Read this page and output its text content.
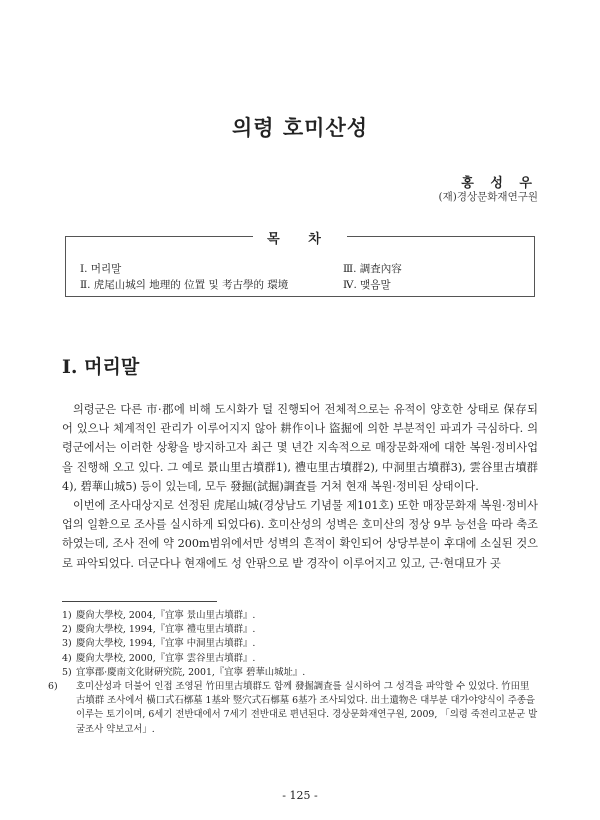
의령 호미산성
홍 성 우
(재)경상문화재연구원
목 차
Ⅰ. 머리말	Ⅲ. 調査內容
Ⅱ. 虎尾山城의 地理的 位置 및 考古學的 環境	Ⅳ. 맺음말
Ⅰ. 머리말

의령군은 다른 市·郡에 비해 도시화가 덜 진행되어 전체적으로는 유적이 양호한 상태로 保存되어 있으나 체계적인 관리가 이루어지지 않아 耕作이나 盜掘에 의한 부분적인 파괴가 극심하다. 의령군에서는 이러한 상황을 방지하고자 최근 몇 년간 지속적으로 매장문화재에 대한 복원·정비사업을 진행해 오고 있다. 그 예로 景山里古墳群1), 禮屯里古墳群2), 中洞里古墳群3), 雲谷里古墳群4), 碧華山城5) 등이 있는데, 모두 發掘(試掘)調査를 거쳐 현재 복원·정비된 상태이다.

이번에 조사대상지로 선정된 虎尾山城(경상남도 기념물 제101호) 또한 매장문화재 복원·정비사업의 일환으로 조사를 실시하게 되었다6). 호미산성의 성벽은 호미산의 정상 9부 능선을 따라 축조하였는데, 조사 전에 약 200m범위에서만 성벽의 흔적이 확인되어 상당부분이 후대에 소실된 것으로 파악되었다. 더군다나 현재에도 성 안팎으로 밭 경작이 이루어지고 있고, 근·현대묘가 곳

1) 慶尙大學校, 2004,『宜寧 景山里古墳群』.
2) 慶尙大學校, 1994,『宜寧 禮屯里古墳群』.
3) 慶尙大學校, 1994,『宜寧 中洞里古墳群』.
4) 慶尙大學校, 2000,『宜寧 雲谷里古墳群』.
5) 宜寧郡·慶南文化財硏究院, 2001,『宜寧 碧華山城址』.
6) 호미산성과 더불어 인접 조영된 竹田里古墳群도 함께 發掘調査를 실시하여 그 성격을 파악할 수 있었다. 竹田里古墳群 조사에서 橫口式石槨墓 1基와 竪穴式石槨墓 6基가 조사되었다. 出土遺物은 대부분 대가야양식이 주종을 이루는 토기이며, 6세기 전반대에서 7세기 전반대로 편년된다. 경상문화재연구원, 2009, 「의령 죽전리고분군 발굴조사 약보고서」.
- 125 -
